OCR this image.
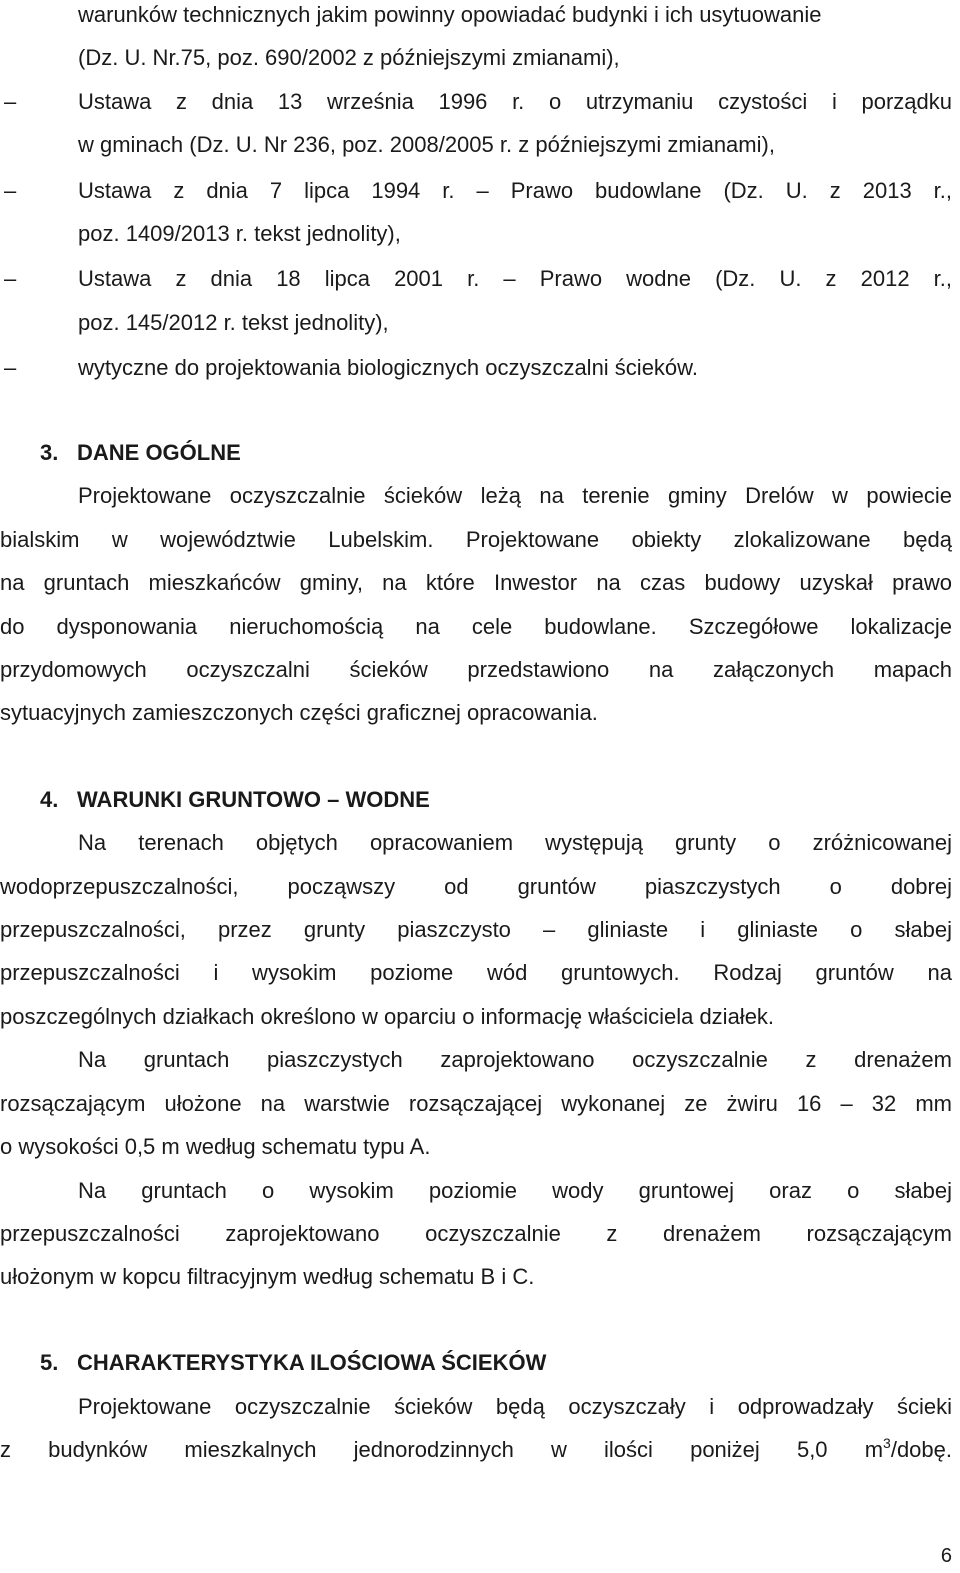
warunków technicznych jakim powinny opowiadać budynki i ich usytuowanie
(Dz. U. Nr.75, poz. 690/2002 z późniejszymi zmianami),
–	Ustawa z dnia 13 września 1996 r. o utrzymaniu czystości i porządku
w gminach (Dz. U. Nr 236, poz. 2008/2005 r. z późniejszymi zmianami),
–	Ustawa z dnia 7 lipca 1994 r. – Prawo budowlane (Dz. U. z 2013 r.,
poz. 1409/2013 r. tekst jednolity),
–	Ustawa z dnia 18 lipca 2001 r. – Prawo wodne (Dz. U. z 2012 r.,
poz. 145/2012 r. tekst jednolity),
–	wytyczne do projektowania biologicznych oczyszczalni ścieków.
3. DANE OGÓLNE
Projektowane oczyszczalnie ścieków leżą na terenie gminy Drelów w powiecie
bialskim w województwie Lubelskim. Projektowane obiekty zlokalizowane będą
na gruntach mieszkańców gminy, na które Inwestor na czas budowy uzyskał prawo
do dysponowania nieruchomością na cele budowlane. Szczegółowe lokalizacje
przydomowych oczyszczalni ścieków przedstawiono na załączonych mapach
sytuacyjnych zamieszczonych części graficznej opracowania.
4. WARUNKI GRUNTOWO – WODNE
Na terenach objętych opracowaniem występują grunty o zróżnicowanej
wodoprzepuszczalności, począwszy od gruntów piaszczystych o dobrej
przepuszczalności, przez grunty piaszczysto – gliniaste i gliniaste o słabej
przepuszczalności i wysokim poziome wód gruntowych. Rodzaj gruntów na
poszczególnych działkach określono w oparciu o informację właściciela działek.
Na gruntach piaszczystych zaprojektowano oczyszczalnie z drenażem
rozsączającym ułożone na warstwie rozsączającej wykonanej ze żwiru 16 – 32 mm
o wysokości 0,5 m według schematu typu A.
Na gruntach o wysokim poziomie wody gruntowej oraz o słabej
przepuszczalności zaprojektowano oczyszczalnie z drenażem rozsączającym
ułożonym w kopcu filtracyjnym według schematu B i C.
5. CHARAKTERYSTYKA ILOŚCIOWA ŚCIEKÓW
Projektowane oczyszczalnie ścieków będą oczyszczały i odprowadzały ścieki
z budynków mieszkalnych jednorodzinnych w ilości poniżej 5,0 $m^3$/dobę.
6
